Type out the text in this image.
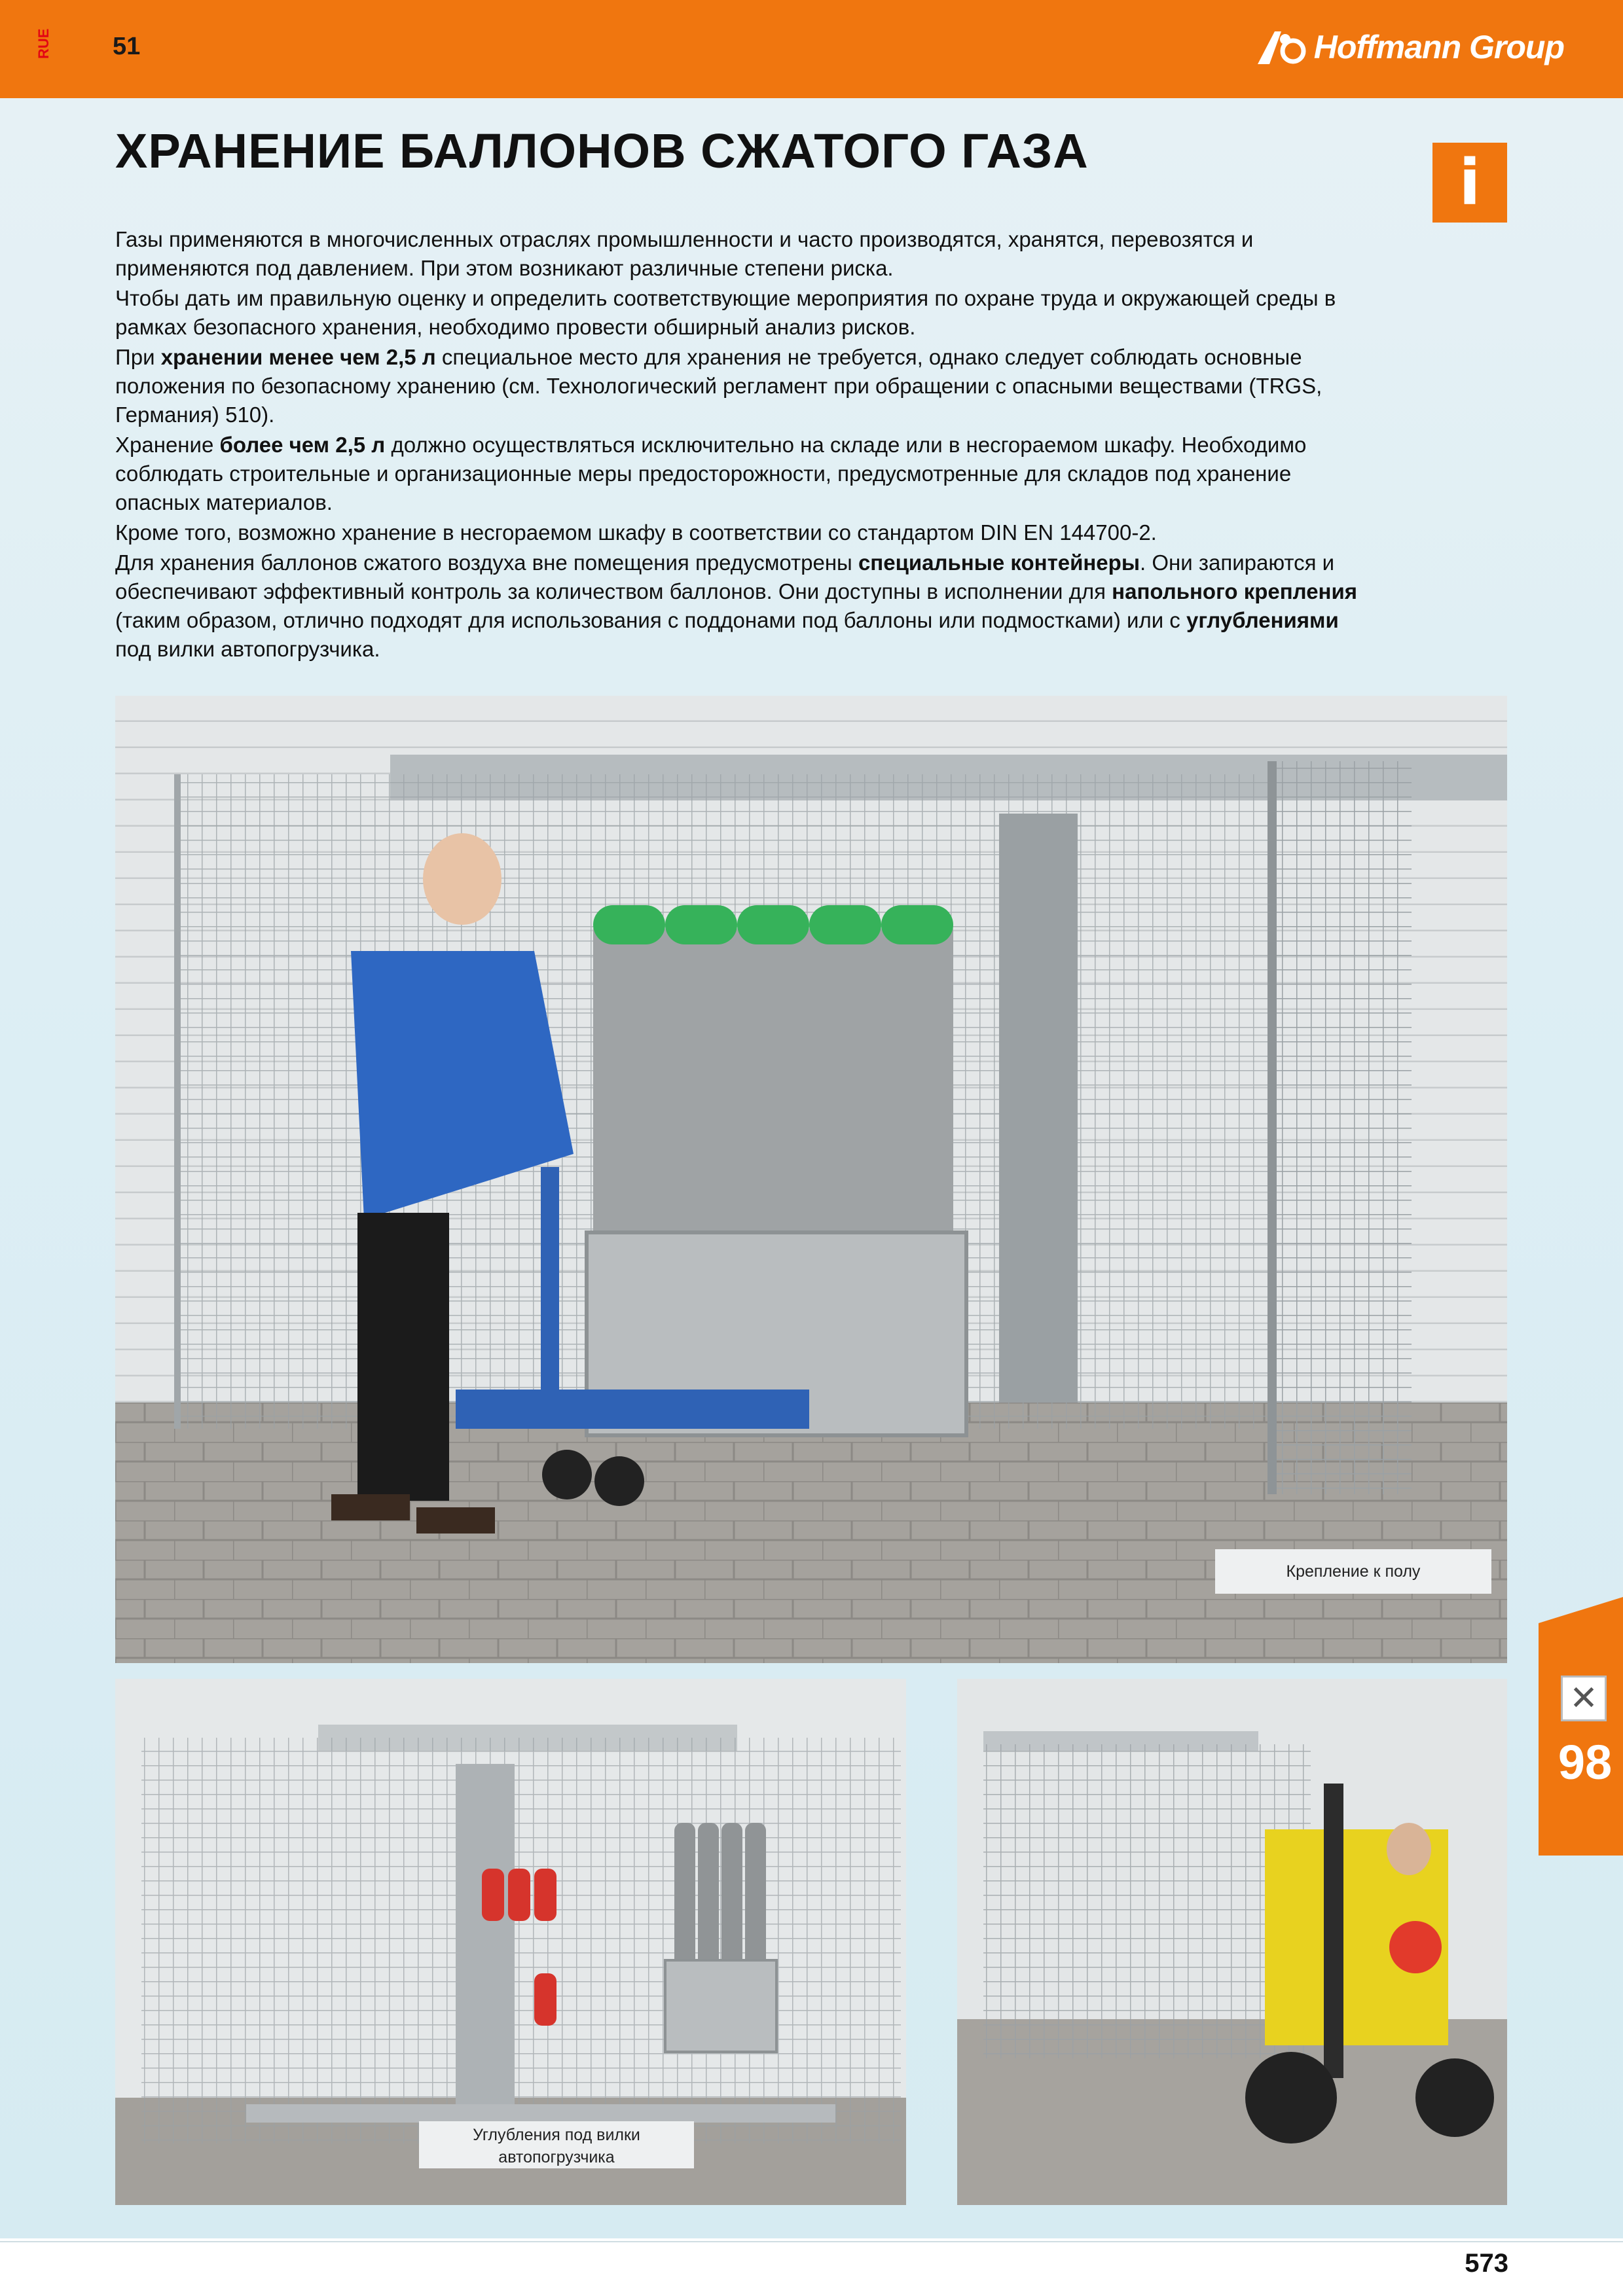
RUE 51	Hoffmann Group
ХРАНЕНИЕ БАЛЛОНОВ СЖАТОГО ГАЗА	i

Газы применяются в многочисленных отраслях промышленности и часто производятся, хранятся, перевозятся и применяются под давлением. При этом возникают различные степени риска.

Чтобы дать им правильную оценку и определить соответствующие мероприятия по охране труда и окружающей среды в рамках безопасного хранения, необходимо провести обширный анализ рисков.

При хранении менее чем 2,5 л специальное место для хранения не требуется, однако следует соблюдать основные положения по безопасному хранению (см. Технологический регламент при обращении с опасными веществами (TRGS, Германия) 510).

Хранение более чем 2,5 л должно осуществляться исключительно на складе или в несгораемом шкафу. Необходимо соблюдать строительные и организационные меры предосторожности, предусмотренные для складов под хранение опасных материалов.

Кроме того, возможно хранение в несгораемом шкафу в соответствии со стандартом DIN EN 144700-2.

Для хранения баллонов сжатого воздуха вне помещения предусмотрены специальные контейнеры. Они запираются и обеспечивают эффективный контроль за количеством баллонов. Они доступны в исполнении для напольного крепления (таким образом, отлично подходят для использования с поддонами под баллоны или подмостками) или с углублениями под вилки автопогрузчика.

Крепление к полу
Углубления под вилки
автопогрузчика
✕
98
573
